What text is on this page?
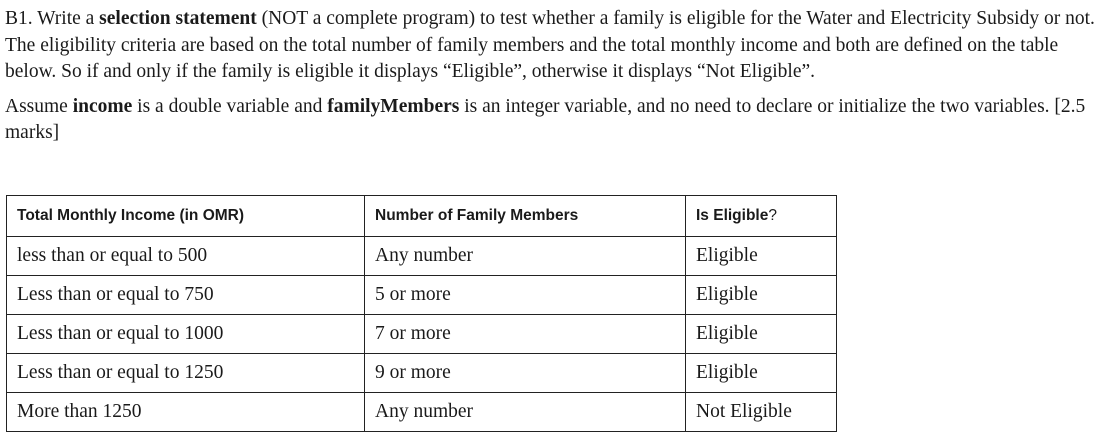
B1. Write a selection statement (NOT a complete program) to test whether a family is eligible for the Water and Electricity Subsidy or not. The eligibility criteria are based on the total number of family members and the total monthly income and both are defined on the table below. So if and only if the family is eligible it displays “Eligible”, otherwise it displays “Not Eligible”.

Assume income is a double variable and familyMembers is an integer variable, and no need to declare or initialize the two variables. [2.5 marks]

Total Monthly Income (in OMR)	Number of Family Members	Is Eligible?
less than or equal to 500	Any number	Eligible
Less than or equal to 750	5 or more	Eligible
Less than or equal to 1000	7 or more	Eligible
Less than or equal to 1250	9 or more	Eligible
More than 1250	Any number	Not Eligible
